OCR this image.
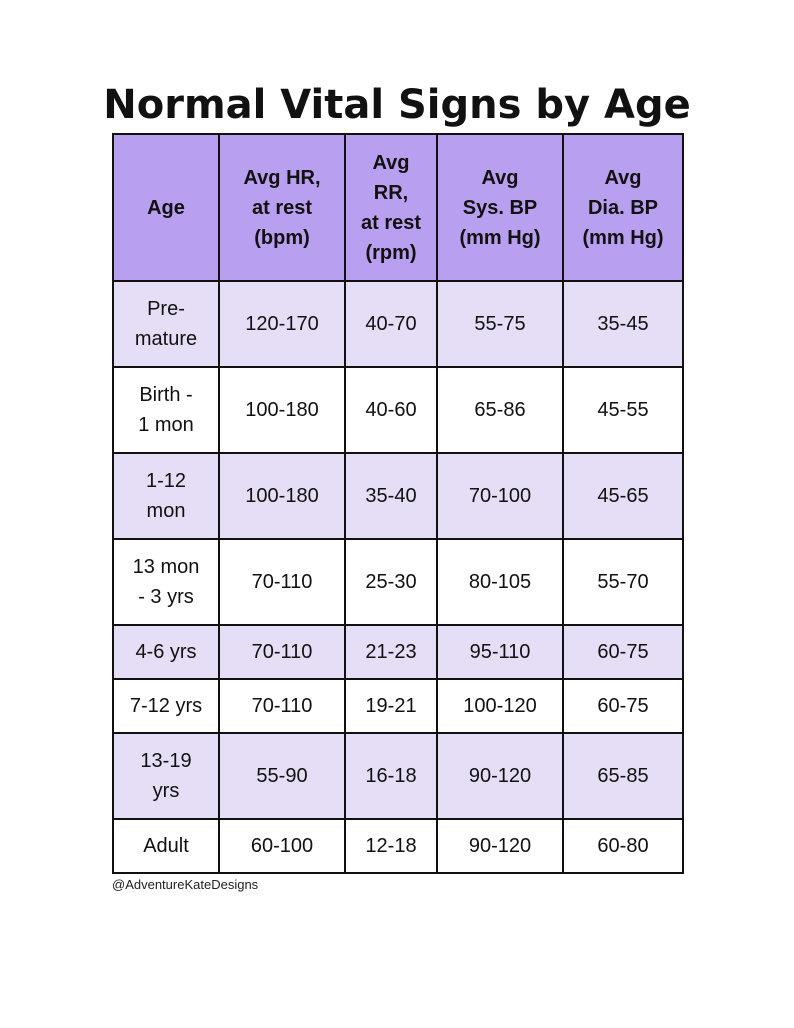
Normal Vital Signs by Age
Age	Avg HR,
at rest
(bpm)	Avg
RR,
at rest
(rpm)	Avg
Sys. BP
(mm Hg)	Avg
Dia. BP
(mm Hg)
Pre-
mature	120-170	40-70	55-75	35-45
Birth -
1 mon	100-180	40-60	65-86	45-55
1-12
mon	100-180	35-40	70-100	45-65
13 mon
- 3 yrs	70-110	25-30	80-105	55-70
4-6 yrs	70-110	21-23	95-110	60-75
7-12 yrs	70-110	19-21	100-120	60-75
13-19
yrs	55-90	16-18	90-120	65-85
Adult	60-100	12-18	90-120	60-80
@AdventureKateDesigns
